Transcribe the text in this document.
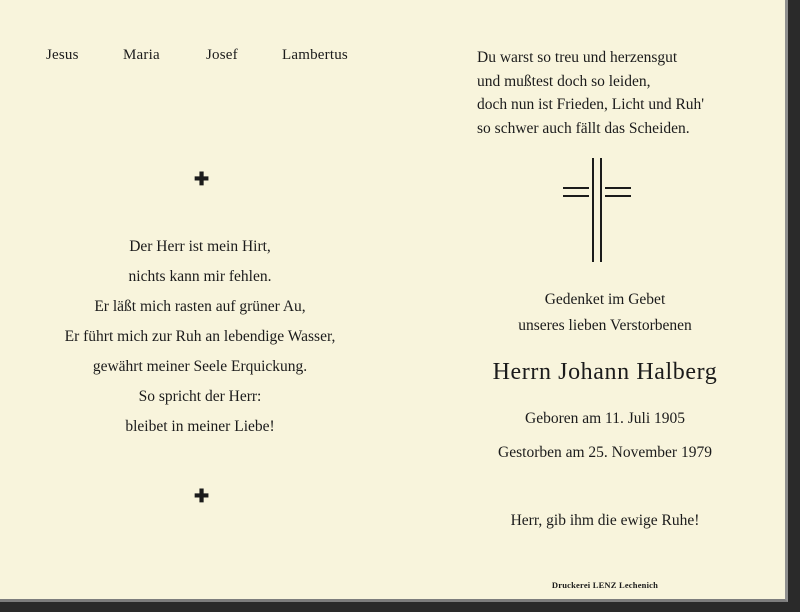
Jesus	Maria	Josef	Lambertus
✚
Der Herr ist mein Hirt,
nichts kann mir fehlen.
Er läßt mich rasten auf grüner Au,
Er führt mich zur Ruh an lebendige Wasser,
gewährt meiner Seele Erquickung.
So spricht der Herr:
bleibet in meiner Liebe!
✚
Du warst so treu und herzensgut
und mußtest doch so leiden,
doch nun ist Frieden, Licht und Ruh'
so schwer auch fällt das Scheiden.
Gedenket im Gebet
unseres lieben Verstorbenen
Herrn Johann Halberg
Geboren am 11. Juli 1905
Gestorben am 25. November 1979
Herr, gib ihm die ewige Ruhe!
Druckerei LENZ Lechenich
